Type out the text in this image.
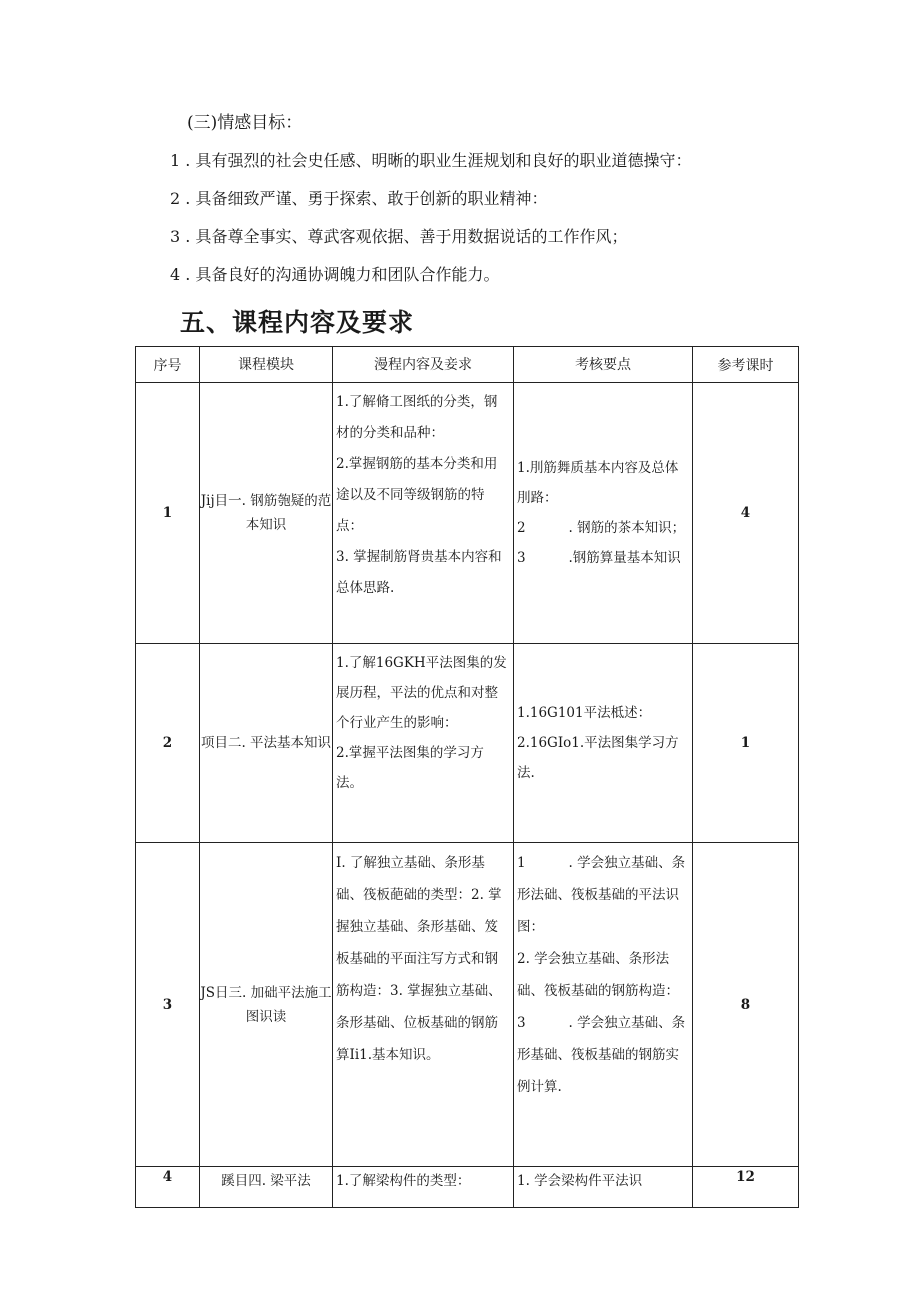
(三)情感目标：
1 . 具有强烈的社会史任感、明晰的职业生涯规划和良好的职业道德操守：
2 . 具备细致严谨、勇于探索、敢于创新的职业精神：
3 . 具备尊全事实、尊武客观依据、善于用数据说话的工作作风；
4 . 具备良好的沟通协调魄力和团队合作能力。
五、课程内容及要求
序号	课程模块	漫程内容及妾求	考核要点	参考课时
1	Jij目一. 钢筋匏疑的范本知识	1.了解脩工图纸的分类，钢材的分类和品种：
2.掌握钢筋的基本分类和用途以及不同等级钢筋的特点：
3. 掌握制筋肾贵基本内容和总体思路.	1.刖筋舞质基本内容及总体刖路：
2          . 钢筋的茶本知识；
3          .钢筋算量基本知识	4
2	项目二. 平法基本知识	1.了解16GKH平法图集的发展历程，平法的优点和对整个行业产生的影响：
2.掌握平法图集的学习方法。	1.16G101平法柢述：
2.16GIo1.平法图集学习方法.	1
3	JS日三. 加础平法施工图识读	I. 了解独立基础、条形基础、筏板葩础的类型：2. 掌握独立基础、条形基础、笈板基础的平面注写方式和钢筋构造：3. 掌握独立基础、条形基础、位板基础的钢筋算Ii1.基本知识。	1          . 学会独立基础、条形法础、筏板基础的平法识图：
2. 学会独立基础、条形法础、筏板基础的钢筋构造：
3          . 学会独立基础、条形基础、筏板基础的钢筋实例计算.	8
4	蹊目四. 梁平法	1.了解梁构件的类型：	1. 学会梁构件平法识	12
